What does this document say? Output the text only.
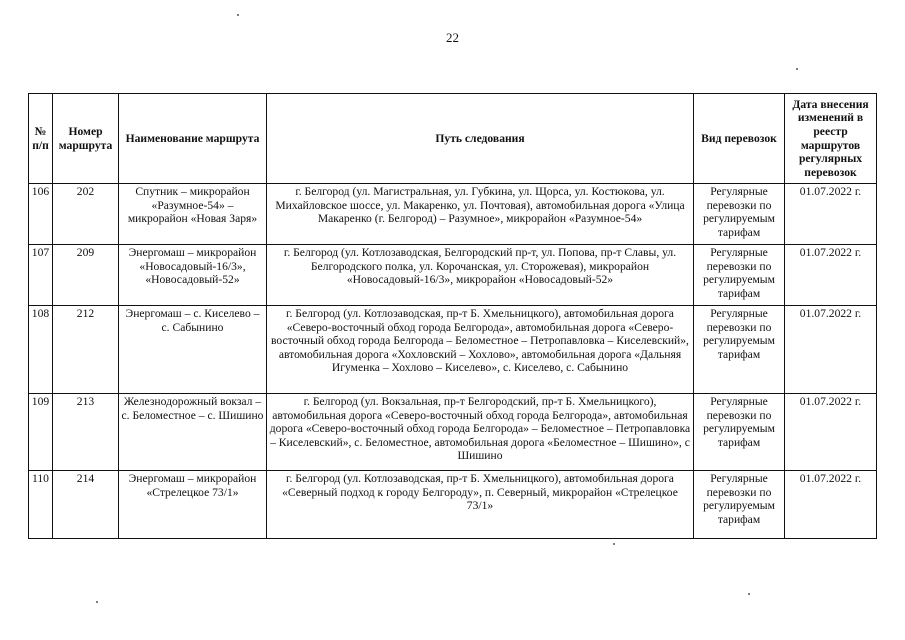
22
№ п/п	Номер маршрута	Наименование маршрута	Путь следования	Вид перевозок	Дата внесения изменений в реестр маршрутов регулярных перевозок
106	202	Спутник – микрорайон «Разумное-54» – микрорайон «Новая Заря»	г. Белгород (ул. Магистральная, ул. Губкина, ул. Щорса, ул. Костюкова, ул. Михайловское шоссе, ул. Макаренко, ул. Почтовая), автомобильная дорога «Улица Макаренко (г. Белгород) – Разумное», микрорайон «Разумное-54»	Регулярные перевозки по регулируемым тарифам	01.07.2022 г.
107	209	Энергомаш – микрорайон «Новосадовый-16/3», «Новосадовый-52»	г. Белгород (ул. Котлозаводская, Белгородский пр-т, ул. Попова, пр-т Славы, ул. Белгородского полка, ул. Корочанская, ул. Сторожевая), микрорайон «Новосадовый-16/3», микрорайон «Новосадовый-52»	Регулярные перевозки по регулируемым тарифам	01.07.2022 г.
108	212	Энергомаш – с. Киселево – с. Сабынино	г. Белгород (ул. Котлозаводская, пр-т Б. Хмельницкого), автомобильная дорога «Северо-восточный обход города Белгорода», автомобильная дорога «Северо-восточный обход города Белгорода – Беломестное – Петропавловка – Киселевский», автомобильная дорога «Хохловский – Хохлово», автомобильная дорога «Дальняя Игуменка – Хохлово – Киселево», с. Киселево, с. Сабынино	Регулярные перевозки по регулируемым тарифам	01.07.2022 г.
109	213	Железнодорожный вокзал – с. Беломестное – с. Шишино	г. Белгород (ул. Вокзальная, пр-т Белгородский, пр-т Б. Хмельницкого), автомобильная дорога «Северо-восточный обход города Белгорода», автомобильная дорога «Северо-восточный обход города Белгорода» – Беломестное – Петропавловка – Киселевский», с. Беломестное, автомобильная дорога «Беломестное – Шишино», с Шишино	Регулярные перевозки по регулируемым тарифам	01.07.2022 г.
110	214	Энергомаш – микрорайон «Стрелецкое 73/1»	г. Белгород (ул. Котлозаводская, пр-т Б. Хмельницкого), автомобильная дорога «Северный подход к городу Белгороду», п. Северный, микрорайон «Стрелецкое 73/1»	Регулярные перевозки по регулируемым тарифам	01.07.2022 г.
